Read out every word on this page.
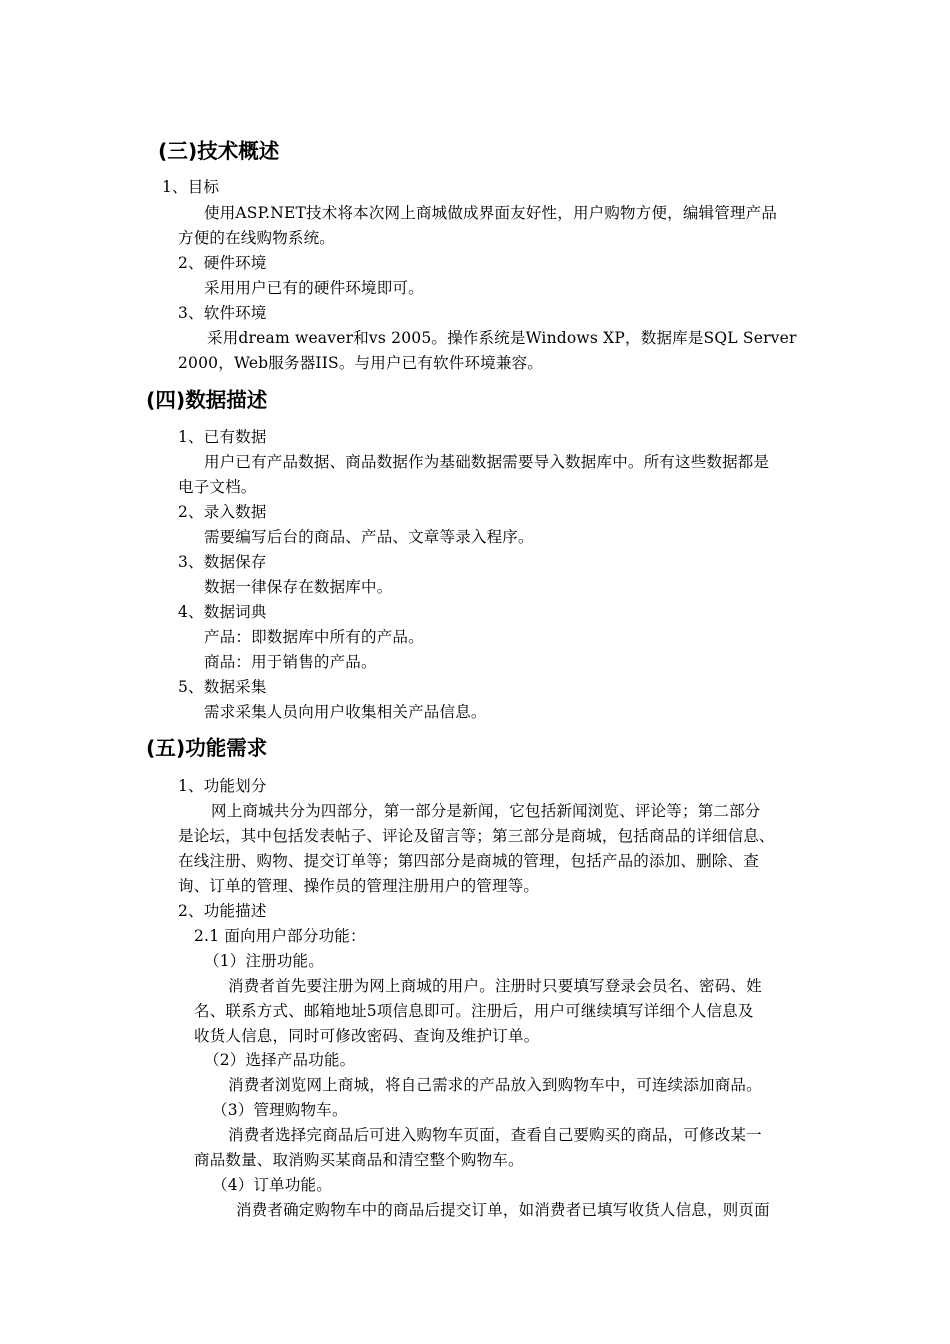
(三)技术概述
1、目标
使用ASP.NET技术将本次网上商城做成界面友好性，用户购物方便，编辑管理产品
方便的在线购物系统。
2、硬件环境
采用用户已有的硬件环境即可。
3、软件环境
采用dream weaver和vs 2005。操作系统是Windows XP，数据库是SQL Server
2000，Web服务器IIS。与用户已有软件环境兼容。
(四)数据描述
1、已有数据
用户已有产品数据、商品数据作为基础数据需要导入数据库中。所有这些数据都是
电子文档。
2、录入数据
需要编写后台的商品、产品、文章等录入程序。
3、数据保存
数据一律保存在数据库中。
4、数据词典
产品：即数据库中所有的产品。
商品：用于销售的产品。
5、数据采集
需求采集人员向用户收集相关产品信息。
(五)功能需求
1、功能划分
网上商城共分为四部分，第一部分是新闻，它包括新闻浏览、评论等；第二部分
是论坛，其中包括发表帖子、评论及留言等；第三部分是商城，包括商品的详细信息、
在线注册、购物、提交订单等；第四部分是商城的管理，包括产品的添加、删除、查
询、订单的管理、操作员的管理注册用户的管理等。
2、功能描述
2.1 面向用户部分功能：
（1）注册功能。
消费者首先要注册为网上商城的用户。注册时只要填写登录会员名、密码、姓
名、联系方式、邮箱地址5项信息即可。注册后，用户可继续填写详细个人信息及
收货人信息，同时可修改密码、查询及维护订单。
（2）选择产品功能。
消费者浏览网上商城，将自己需求的产品放入到购物车中，可连续添加商品。
（3）管理购物车。
消费者选择完商品后可进入购物车页面，查看自己要购买的商品，可修改某一
商品数量、取消购买某商品和清空整个购物车。
（4）订单功能。
消费者确定购物车中的商品后提交订单，如消费者已填写收货人信息，则页面
